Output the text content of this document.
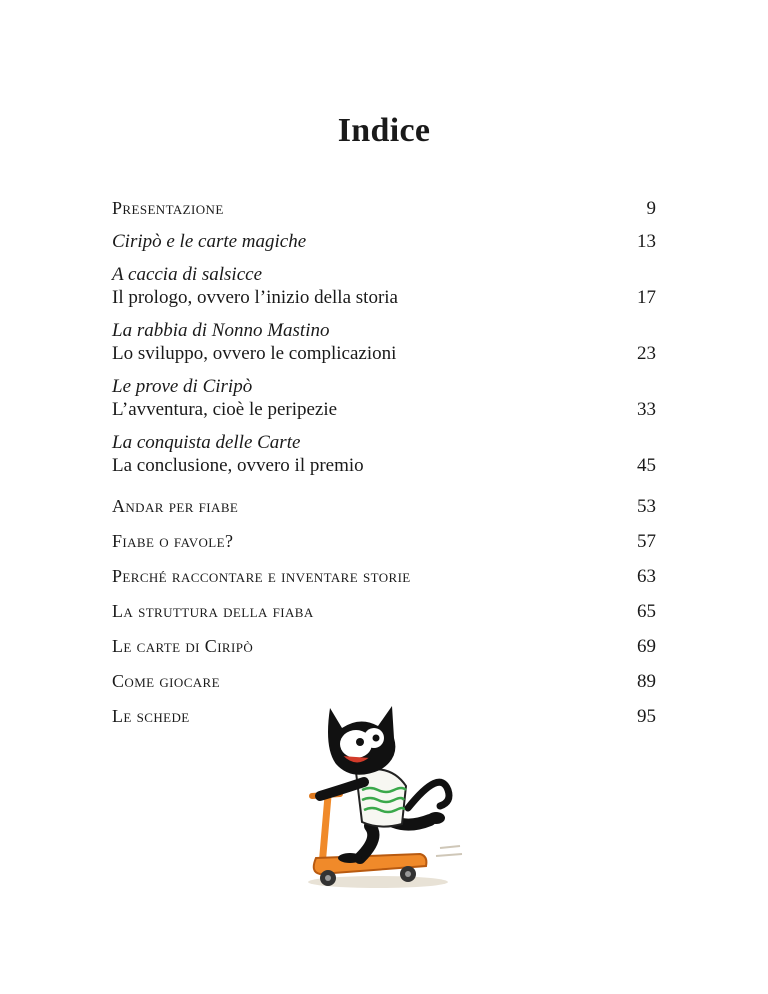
Indice
Presentazione	9
Ciripò e le carte magiche	13
A caccia di salsicce
Il prologo, ovvero l’inizio della storia	17
La rabbia di Nonno Mastino
Lo sviluppo, ovvero le complicazioni	23
Le prove di Ciripò
L’avventura, cioè le peripezie	33
La conquista delle Carte
La conclusione, ovvero il premio	45
Andar per fiabe	53
Fiabe o favole?	57
Perché raccontare e inventare storie	63
La struttura della fiaba	65
Le carte di Ciripò	69
Come giocare	89
Le schede	95
